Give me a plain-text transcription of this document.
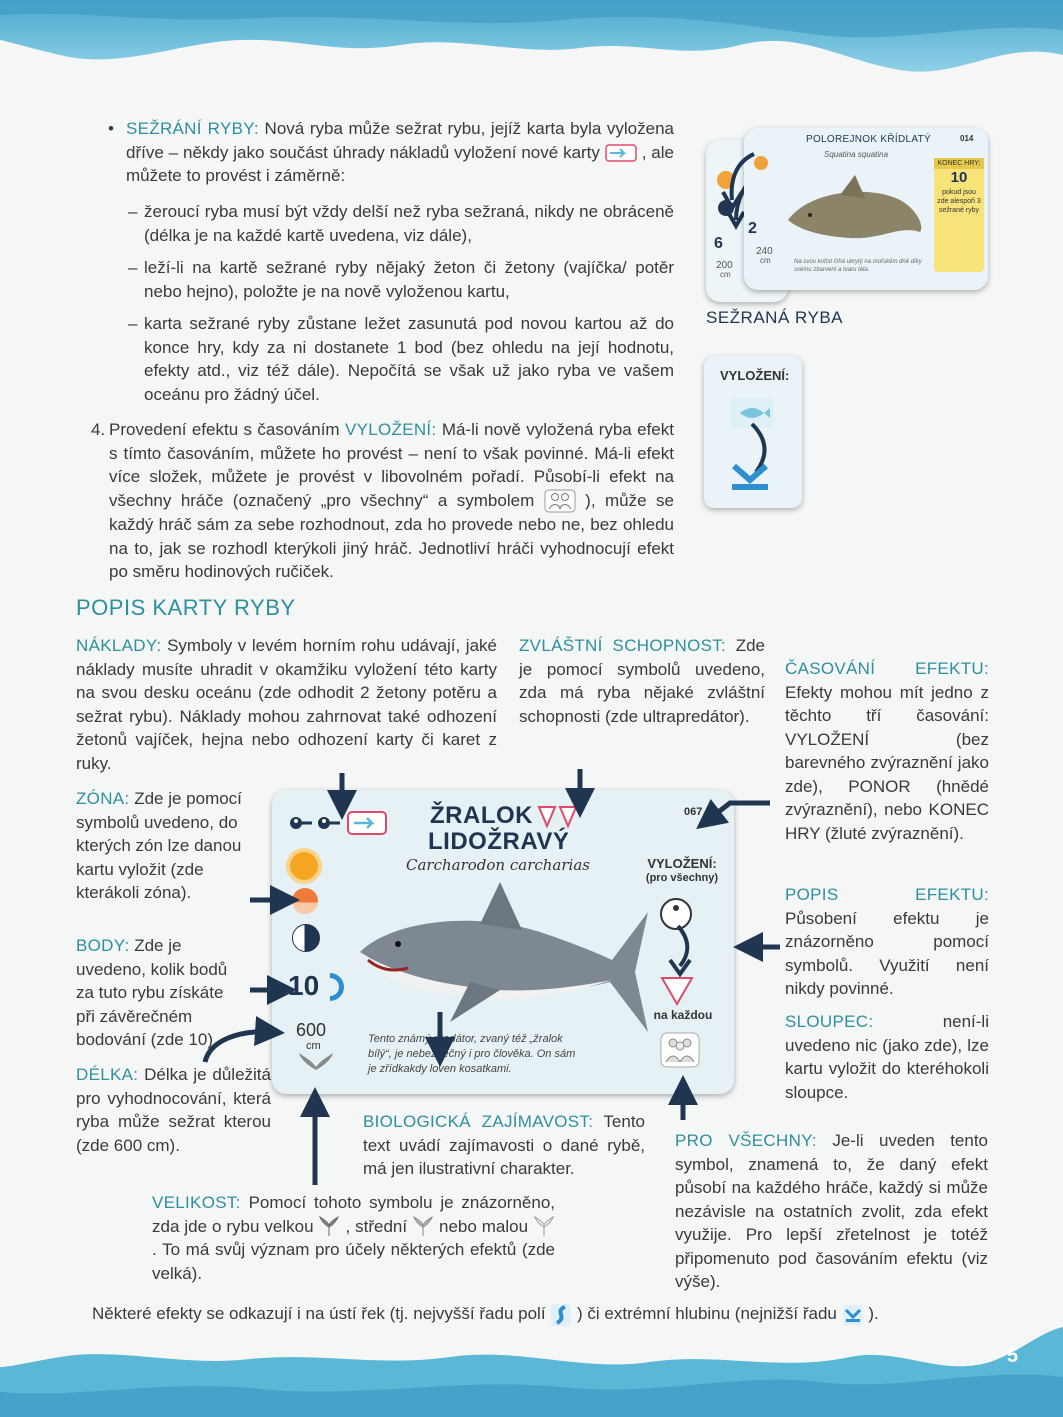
5
• SEŽRÁNÍ RYBY: Nová ryba může sežrat rybu, jejíž karta byla vyložena dříve – někdy jako součást úhrady nákladů vyložení nové karty , ale můžete to provést i záměrně:
– žeroucí ryba musí být vždy delší než ryba sežraná, nikdy ne obráceně (délka je na každé kartě uvedena, viz dále),
– leží-li na kartě sežrané ryby nějaký žeton či žetony (vajíčka/ potěr nebo hejno), položte je na nově vyloženou kartu,
– karta sežrané ryby zůstane ležet zasunutá pod novou kartou až do konce hry, kdy za ni dostanete 1 bod (bez ohledu na její hodnotu, efekty atd., viz též dále). Nepočítá se však už jako ryba ve vašem oceánu pro žádný účel.
4. Provedení efektu s časováním VYLOŽENÍ: Má-li nově vyložená ryba efekt s tímto časováním, můžete ho provést – není to však povinné. Má-li efekt více složek, můžete je provést v libovolném pořadí. Působí-li efekt na všechny hráče (označený „pro všechny“ a symbolem	), může se každý hráč sám za sebe rozhodnout, zda ho provede nebo ne, bez ohledu na to, jak se rozhodl kterýkoli jiný hráč. Jednotliví hráči vyhodnocují efekt po směru hodinových ručiček.
6
200
cm
POLOREJNOK KŘÍDLATÝ	014
Squatina squatina
KONEC HRY:
10
pokud jsou zde alespoň 3 sežrané ryby
2
240
cm	Na svou kořist číhá ukrytý na mořském dně díky svému zbarvení a tvaru těla.
SEŽRANÁ RYBA
VYLOŽENÍ:
POPIS KARTY RYBY
NÁKLADY: Symboly v levém horním rohu udávají, jaké náklady musíte uhradit v okamžiku vyložení této karty na svou desku oceánu (zde odhodit 2 žetony potěru a sežrat rybu). Náklady mohou zahrnovat také odhození žetonů vajíček, hejna nebo odhození karty či karet z ruky.
ZVLÁŠTNÍ SCHOPNOST: Zde je pomocí symbolů uvedeno, zda má ryba nějaké zvláštní schopnosti (zde ultrapredátor).
ČASOVÁNÍ EFEKTU: Efekty mohou mít jedno z těchto tří časování: VYLOŽENÍ (bez barevného zvýraznění jako zde), PONOR (hnědé zvýraznění), nebo KONEC HRY (žluté zvýraznění).
ZÓNA: Zde je pomocí symbolů uvedeno, do kterých zón lze danou kartu vyložit (zde kterákoli zóna).	POPIS EFEKTU: Působení efektu je znázorněno pomocí symbolů. Využití není nikdy povinné.
BODY: Zde je uvedeno, kolik bodů za tuto rybu získáte při závěrečném bodování (zde 10).
SLOUPEC:	není-li uvedeno nic (jako zde), lze kartu vyložit do kteréhokoli sloupce.
DÉLKA: Délka je důležitá pro vyhodnocování, která ryba může sežrat kterou (zde 600 cm).
BIOLOGICKÁ ZAJÍMAVOST: Tento text uvádí zajímavosti o dané rybě, má jen ilustrativní charakter.
PRO VŠECHNY: Je-li uveden tento symbol, znamená to, že daný efekt působí na každého hráče, každý si může nezávisle na ostatních zvolit, zda efekt využije. Pro lepší zřetelnost je totéž připomenuto pod časováním efektu (viz výše).
VELIKOST: Pomocí tohoto symbolu je znázorněno, zda jde o rybu velkou , střední nebo malou  . To má svůj význam pro účely některých efektů (zde velká).
ŽRALOK
LIDOŽRAVÝ
067
Carcharodon carcharias
10
600
cm
VYLOŽENÍ:
(pro všechny)
na každou
Tento známý predátor, zvaný též „žralok bílý“, je nebezpečný i pro člověka. On sám je zřídkakdy loven kosatkami.
Některé efekty se odkazují i na ústí řek (tj. nejvyšší řadu polí ) či extrémní hlubinu (nejnižší řadu ).
